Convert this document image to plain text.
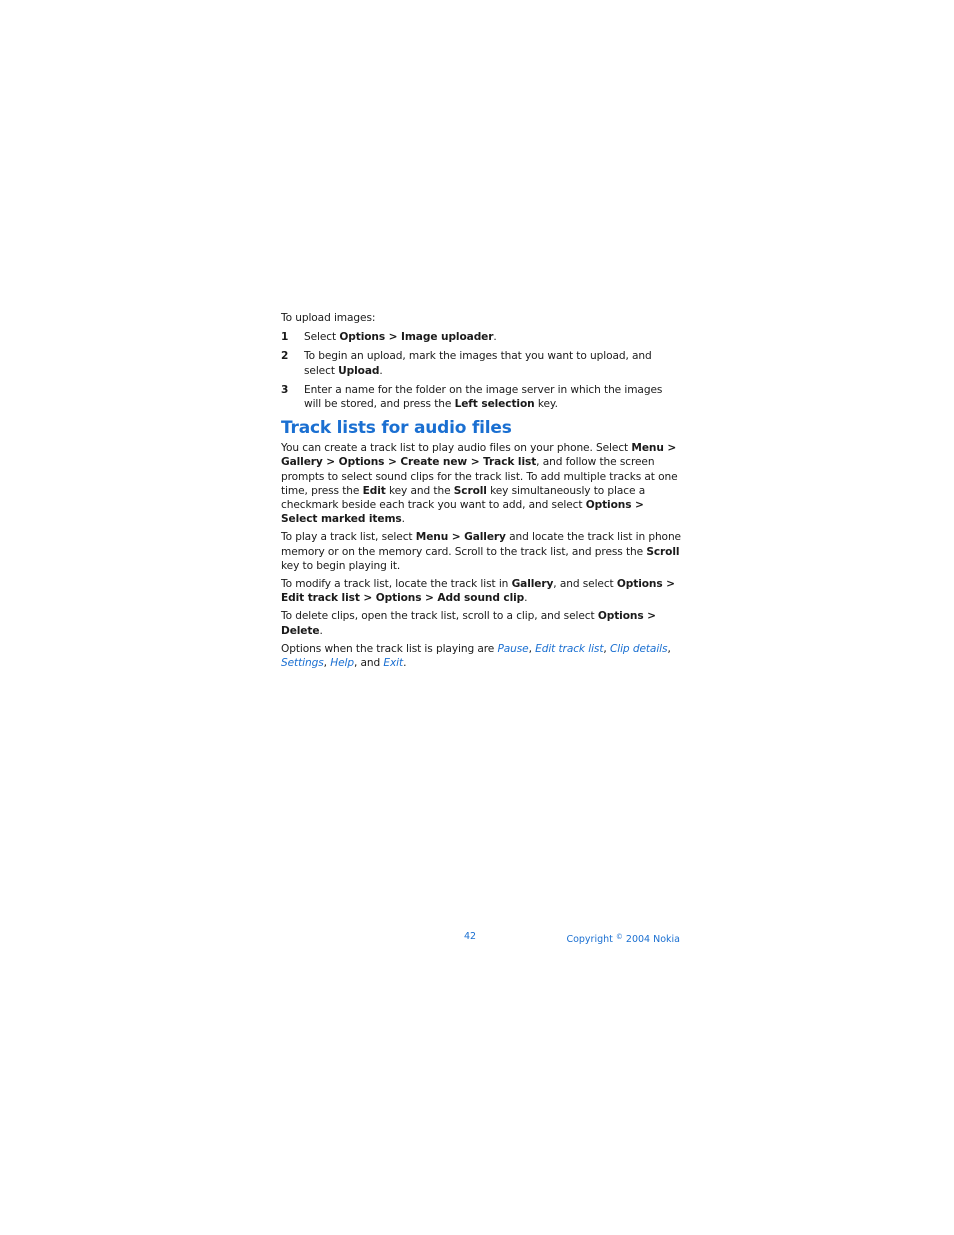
To upload images:

1	Select Options > Image uploader.
2	To begin an upload, mark the images that you want to upload, and select Upload.
3	Enter a name for the folder on the image server in which the images will be stored, and press the Left selection key.
Track lists for audio files

You can create a track list to play audio files on your phone. Select Menu > Gallery > Options > Create new > Track list, and follow the screen prompts to select sound clips for the track list. To add multiple tracks at one time, press the Edit key and the Scroll key simultaneously to place a checkmark beside each track you want to add, and select Options > Select marked items.

To play a track list, select Menu > Gallery and locate the track list in phone memory or on the memory card. Scroll to the track list, and press the Scroll key to begin playing it.

To modify a track list, locate the track list in Gallery, and select Options > Edit track list > Options > Add sound clip.

To delete clips, open the track list, scroll to a clip, and select Options > Delete.

Options when the track list is playing are Pause, Edit track list, Clip details, Settings, Help, and Exit.

42	Copyright © 2004 Nokia
